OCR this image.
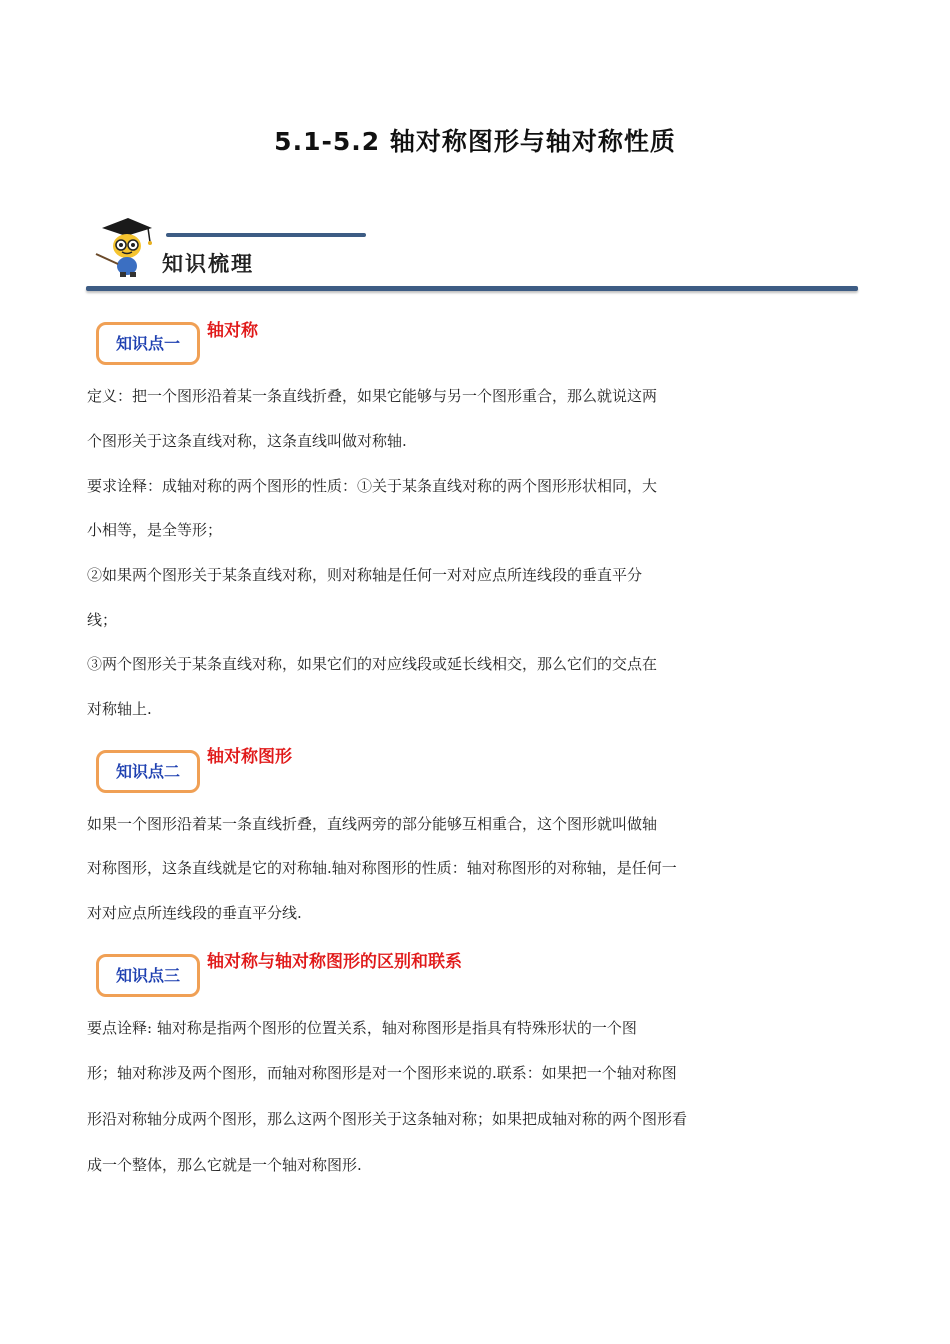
5.1-5.2 轴对称图形与轴对称性质
知识梳理
知识点一
轴对称
定义：把一个图形沿着某一条直线折叠，如果它能够与另一个图形重合，那么就说这两
个图形关于这条直线对称，这条直线叫做对称轴.
要求诠释：成轴对称的两个图形的性质：①关于某条直线对称的两个图形形状相同，大
小相等，是全等形；
②如果两个图形关于某条直线对称，则对称轴是任何一对对应点所连线段的垂直平分
线；
③两个图形关于某条直线对称，如果它们的对应线段或延长线相交，那么它们的交点在
对称轴上.
知识点二
轴对称图形
如果一个图形沿着某一条直线折叠，直线两旁的部分能够互相重合，这个图形就叫做轴
对称图形，这条直线就是它的对称轴.轴对称图形的性质：轴对称图形的对称轴，是任何一
对对应点所连线段的垂直平分线.
知识点三
轴对称与轴对称图形的区别和联系
要点诠释: 轴对称是指两个图形的位置关系，轴对称图形是指具有特殊形状的一个图
形；轴对称涉及两个图形，而轴对称图形是对一个图形来说的.联系：如果把一个轴对称图
形沿对称轴分成两个图形，那么这两个图形关于这条轴对称；如果把成轴对称的两个图形看
成一个整体，那么它就是一个轴对称图形.
